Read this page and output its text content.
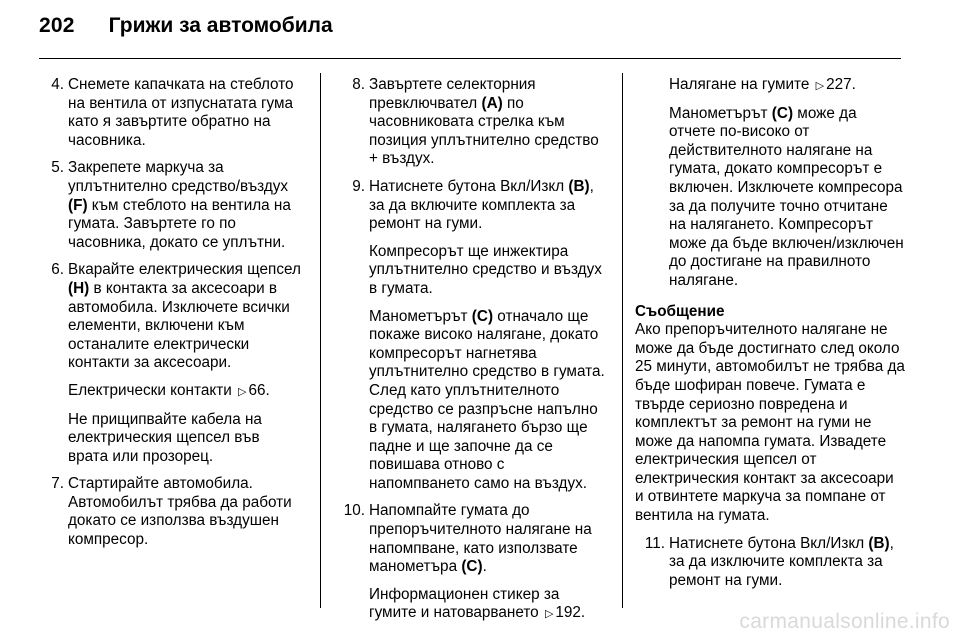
202 Грижи за автомобила
4. Снемете капачката на стеблото на вентила от изпуснатата гума като я завъртите обратно на часовника.

5. Закрепете маркуча за уплътнително средство/въздух (F) към стеблото на вентила на гумата. Завъртете го по часовника, докато се уплътни.

6. Вкарайте електрическия щепсел (H) в контакта за аксесоари в автомобила. Изключете всички елементи, включени към останалите електрически контакти за аксесоари.

Електрически контакти ▷ 66.

Не прищипвайте кабела на електрическия щепсел във врата или прозорец.

7. Стартирайте автомобила. Автомобилът трябва да работи докато се използва въздушен компресор.

8. Завъртете селекторния превключвател (A) по часовниковата стрелка към позиция уплътнително средство + въздух.

9. Натиснете бутона Вкл/Изкл (B), за да включите комплекта за ремонт на гуми.

Компресорът ще инжектира уплътнително средство и въздух в гумата.

Манометърът (C) отначало ще покаже високо налягане, докато компресорът нагнетява уплътнително средство в гумата. След като уплътнителното средство се разпръсне напълно в гумата, налягането бързо ще падне и ще започне да се повишава отново с напомпването само на въздух.

10. Напомпайте гумата до препоръчителното налягане на напомпване, като използвате манометъра (C).

Информационен стикер за гумите и натоварването ▷ 192.

Налягане на гумите ▷ 227.

Манометърът (C) може да отчете по-високо от действителното налягане на гумата, докато компресорът е включен. Изключете компресора за да получите точно отчитане на налягането. Компресорът може да бъде включен/изключен до достигане на правилното налягане.

Съобщение

Ако препоръчителното налягане не може да бъде достигнато след около 25 минути, автомобилът не трябва да бъде шофиран повече. Гумата е твърде сериозно повредена и комплектът за ремонт на гуми не може да напомпа гумата. Извадете електрическия щепсел от електрическия контакт за аксесоари и отвинтете маркуча за помпане от вентила на гумата.

11. Натиснете бутона Вкл/Изкл (B), за да изключите комплекта за ремонт на гуми.

carmanualsonline.info
